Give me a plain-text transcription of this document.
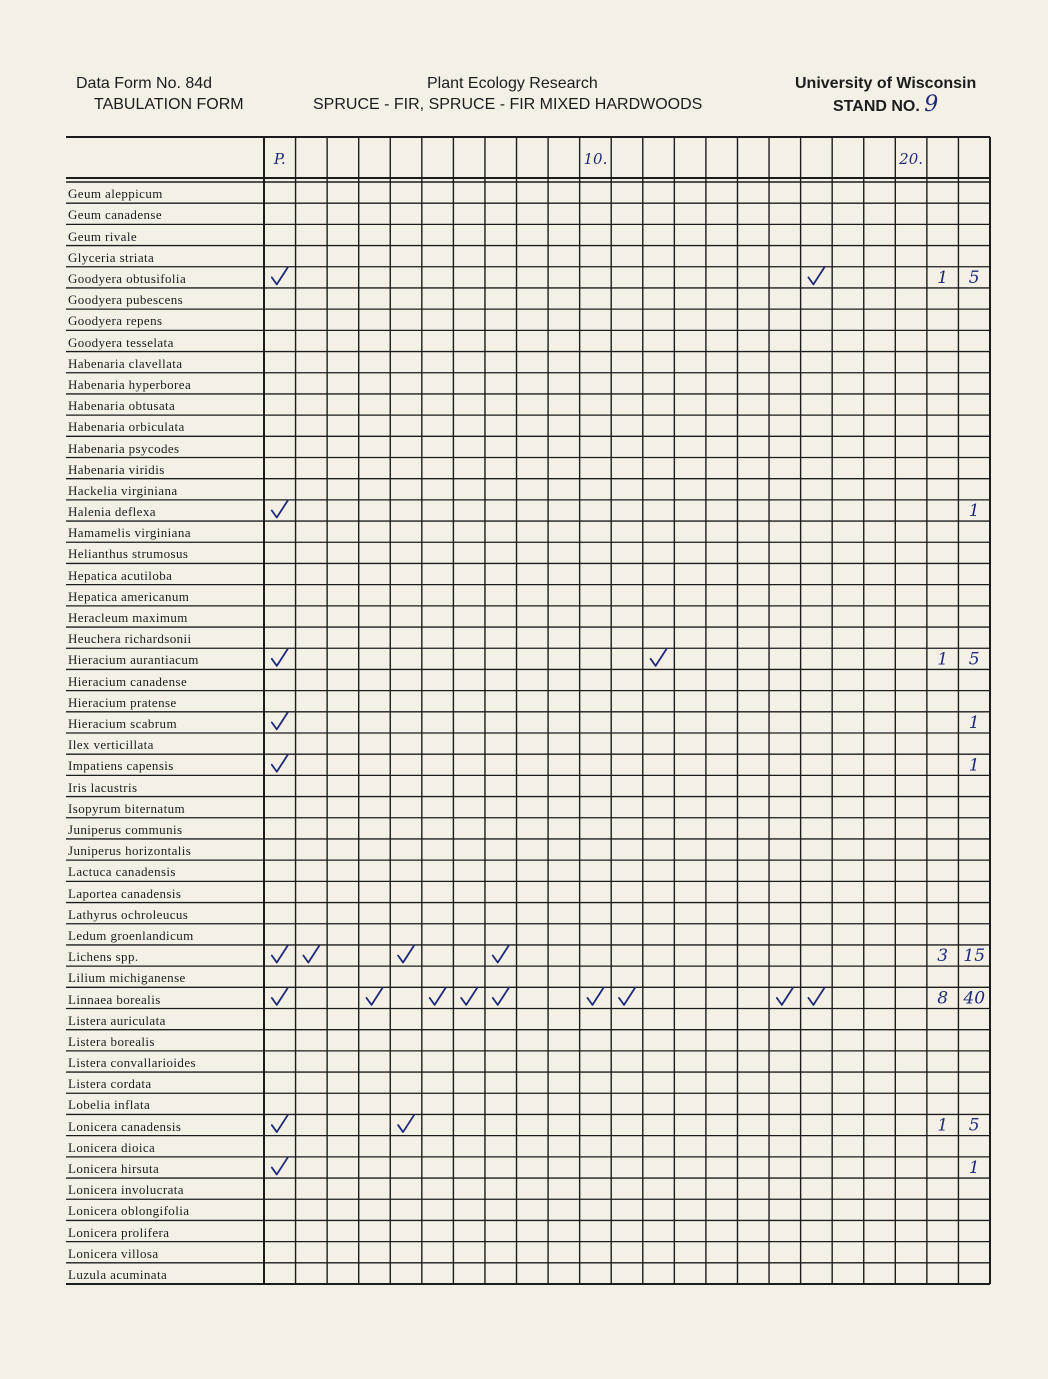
Data Form No. 84d
TABULATION FORM
Plant Ecology Research
SPRUCE - FIR, SPRUCE - FIR MIXED HARDWOODS
University of Wisconsin
STAND NO. 9
P.	10.	20.
1 5
1
1 5
1
1
3 15
8 40
1 5
1
Geum aleppicum
Geum canadense
Geum rivale
Glyceria striata
Goodyera obtusifolia
Goodyera pubescens
Goodyera repens
Goodyera tesselata
Habenaria clavellata
Habenaria hyperborea
Habenaria obtusata
Habenaria orbiculata
Habenaria psycodes
Habenaria viridis
Hackelia virginiana
Halenia deflexa
Hamamelis virginiana
Helianthus strumosus
Hepatica acutiloba
Hepatica americanum
Heracleum maximum
Heuchera richardsonii
Hieracium aurantiacum
Hieracium canadense
Hieracium pratense
Hieracium scabrum
Ilex verticillata
Impatiens capensis
Iris lacustris
Isopyrum biternatum
Juniperus communis
Juniperus horizontalis
Lactuca canadensis
Laportea canadensis
Lathyrus ochroleucus
Ledum groenlandicum
Lichens spp.
Lilium michiganense
Linnaea borealis
Listera auriculata
Listera borealis
Listera convallarioides
Listera cordata
Lobelia inflata
Lonicera canadensis
Lonicera dioica
Lonicera hirsuta
Lonicera involucrata
Lonicera oblongifolia
Lonicera prolifera
Lonicera villosa
Luzula acuminata
